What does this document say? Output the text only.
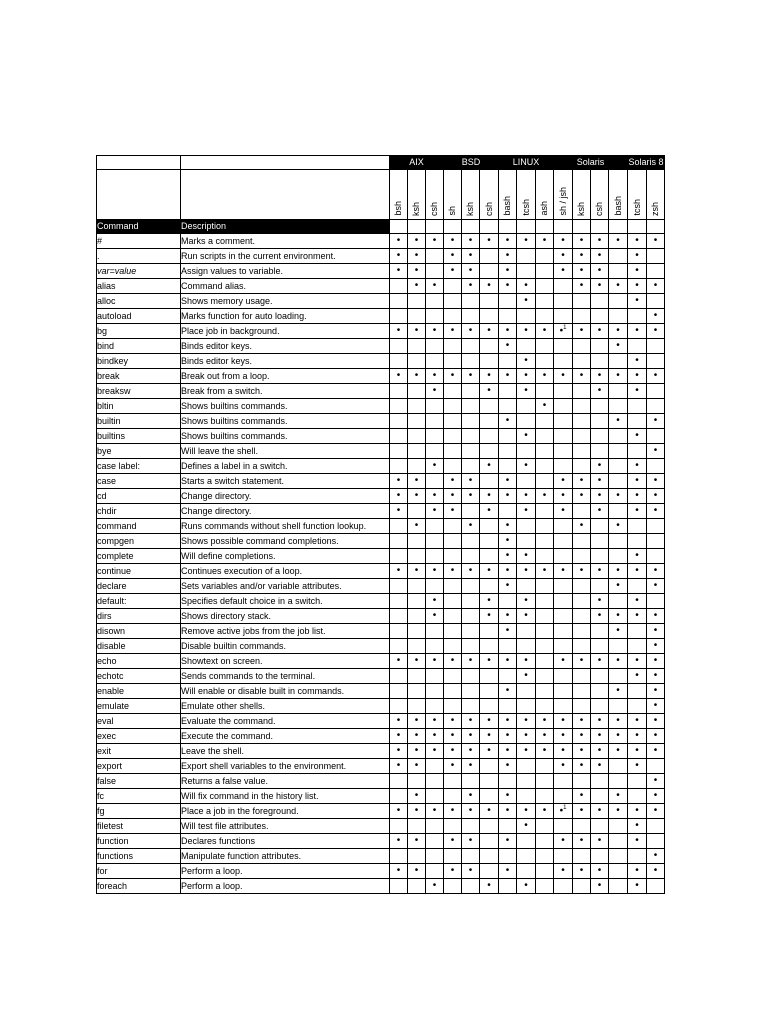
		AIX			BSD			LINUX			Solaris				Solaris 8	

		bsh	ksh	csh	sh	ksh	csh	bash	tcsh	ash	sh / jsh	ksh	csh	bash	tcsh	zsh

Command	Description															
#	Marks a comment.	•	•	•	•	•	•	•	•	•	•	•	•	•	•	•
.	Run scripts in the current environment.	•	•		•	•		•			•	•	•		•	
var=value	Assign values to variable.	•	•		•	•		•			•	•	•		•	
alias	Command alias.		•	•		•	•	•	•			•	•	•	•	•
alloc	Shows memory usage.								•						•	
autoload	Marks function for auto loading.															•
bg	Place job in background.	•	•	•	•	•	•	•	•	•	•$^1$	•	•	•	•	•
bind	Binds editor keys.							•						•		
bindkey	Binds editor keys.								•						•	
break	Break out from a loop.	•	•	•	•	•	•	•	•	•	•	•	•	•	•	•
breaksw	Break from a switch.			•			•		•				•		•	
bltin	Shows builtins commands.									•						
builtin	Shows builtins commands.							•						•		•
builtins	Shows builtins commands.								•						•	
bye	Will leave the shell.															•
case label:	Defines a label in a switch.			•			•		•				•		•	
case	Starts a switch statement.	•	•		•	•		•			•	•	•		•	•
cd	Change directory.	•	•	•	•	•	•	•	•	•	•	•	•	•	•	•
chdir	Change directory.	•		•	•		•		•		•		•		•	•
command	Runs commands without shell function lookup.		•			•		•				•		•		
compgen	Shows possible command completions.							•								
complete	Will define completions.							•	•						•	
continue	Continues execution of a loop.	•	•	•	•	•	•	•	•	•	•	•	•	•	•	•
declare	Sets variables and/or variable attributes.							•						•		•
default:	Specifies default choice in a switch.			•			•		•				•		•	
dirs	Shows directory stack.			•			•	•	•				•	•	•	•
disown	Remove active jobs from the job list.							•						•		•
disable	Disable builtin commands.															•
echo	Showtext on screen.	•	•	•	•	•	•	•	•		•	•	•	•	•	•
echotc	Sends commands to the terminal.								•						•	•
enable	Will enable or disable built in commands.							•						•		•
emulate	Emulate other shells.															•
eval	Evaluate the command.	•	•	•	•	•	•	•	•	•	•	•	•	•	•	•
exec	Execute the command.	•	•	•	•	•	•	•	•	•	•	•	•	•	•	•
exit	Leave the shell.	•	•	•	•	•	•	•	•	•	•	•	•	•	•	•
export	Export shell variables to the environment.	•	•		•	•		•			•	•	•		•	
false	Returns a false value.															•
fc	Will fix command in the history list.		•			•		•				•		•		•
fg	Place a job in the foreground.	•	•	•	•	•	•	•	•	•	•$^1$	•	•	•	•	•
filetest	Will test file attributes.								•						•	
function	Declares functions	•	•		•	•		•			•	•	•		•	
functions	Manipulate function attributes.															•
for	Perform a loop.	•	•		•	•		•			•	•	•		•	•
foreach	Perform a loop.			•			•		•				•		•	
